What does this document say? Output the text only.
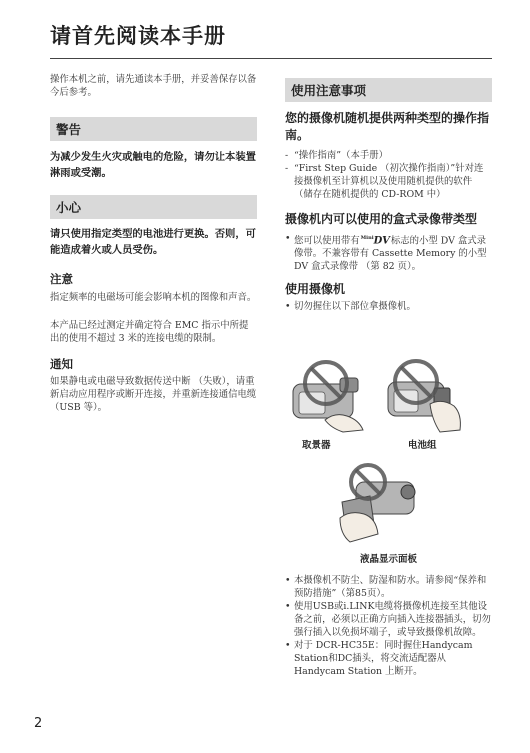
请首先阅读本手册

操作本机之前，请先通读本手册，并妥善保存以备今后参考。

警告

为减少发生火灾或触电的危险，请勿让本装置淋雨或受潮。

小心

请只使用指定类型的电池进行更换。否则，可能造成着火或人员受伤。

注意

指定频率的电磁场可能会影响本机的图像和声音。

本产品已经过测定并确定符合 EMC 指示中所提出的使用不超过 3 米的连接电缆的限制。

通知

如果静电或电磁导致数据传送中断 （失败），请重新启动应用程序或断开连接，并重新连接通信电缆 （USB 等）。

使用注意事项

您的摄像机随机提供两种类型的操作指南。

- “操作指南”（本手册）
- “First Step Guide （初次操作指南）”针对连接摄像机至计算机以及使用随机提供的软件 （储存在随机提供的 CD-ROM 中）

摄像机内可以使用的盒式录像带类型

• 您可以使用带有$^{Mini}$DV标志的小型 DV 盒式录像带。不兼容带有 Cassette Memory 的小型 DV 盒式录像带 （第 82 页）。

使用摄像机

• 切勿握住以下部位拿摄像机。
取景器	电池组
液晶显示面板
• 本摄像机不防尘、防湿和防水。请参阅“保养和预防措施”（第85页）。
• 使用USB或i.LINK电缆将摄像机连接至其他设备之前，必须以正确方向插入连接器插头，切勿强行插入以免损坏端子，或导致摄像机故障。
• 对于 DCR-HC35E：同时握住Handycam Station和DC插头，将交流适配器从 Handycam Station 上断开。
2
